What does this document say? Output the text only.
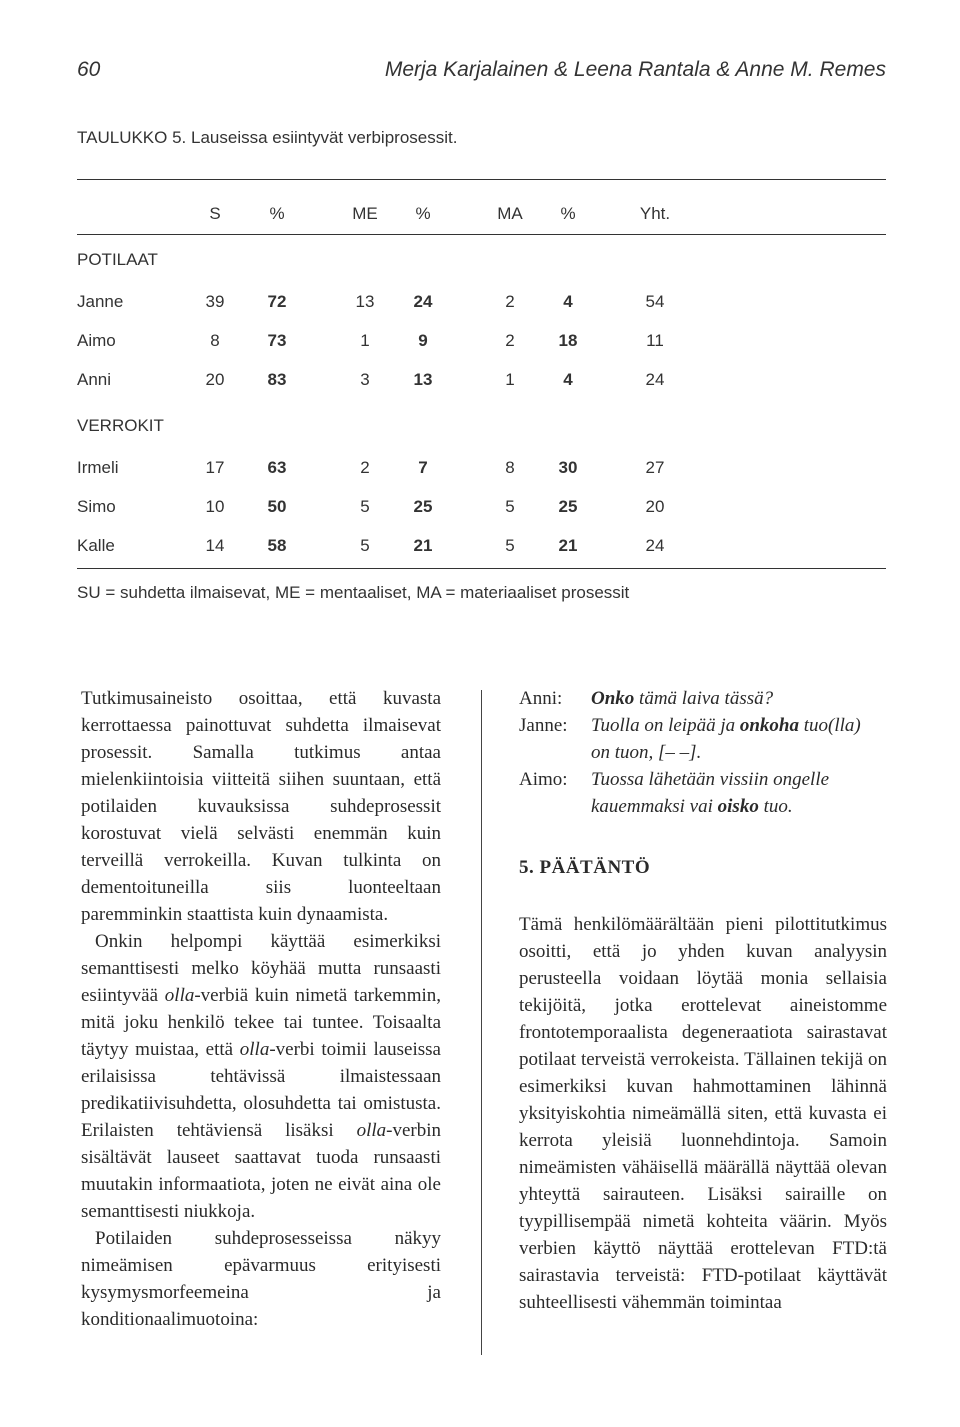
60	Merja Karjalainen & Leena Rantala & Anne M. Remes
TAULUKKO 5. Lauseissa esiintyvät verbiprosessit.
S	%	ME	%	MA	%	Yht.
POTILAAT
Janne	39	72	13	24	2	4	54
Aimo	8	73	1	9	2	18	11
Anni	20	83	3	13	1	4	24
VERROKIT
Irmeli	17	63	2	7	8	30	27
Simo	10	50	5	25	5	25	20
Kalle	14	58	5	21	5	21	24
SU = suhdetta ilmaisevat, ME = mentaaliset, MA = materiaaliset prosessit

Tutkimusaineisto osoittaa, että kuvasta kerrottaessa painottuvat suhdetta ilmaisevat prosessit. Samalla tutkimus antaa mielenkiintoisia viitteitä siihen suuntaan, että potilaiden kuvauksissa suhdeprosessit korostuvat vielä selvästi enemmän kuin terveillä verrokeilla. Kuvan tulkinta on dementoituneilla siis luonteeltaan paremminkin staattista kuin dynaamista.

Onkin helpompi käyttää esimerkiksi semanttisesti melko köyhää mutta runsaasti esiintyvää olla-verbiä kuin nimetä tarkemmin, mitä joku henkilö tekee tai tuntee. Toisaalta täytyy muistaa, että olla-verbi toimii lauseissa erilaisissa tehtävissä ilmaistessaan predikatiivisuhdetta, olosuhdetta tai omistusta. Erilaisten tehtäviensä lisäksi olla-verbin sisältävät lauseet saattavat tuoda runsaasti muutakin informaatiota, joten ne eivät aina ole semanttisesti niukkoja.

Potilaiden suhdeprosesseissa näkyy nimeämisen epävarmuus erityisesti kysymysmorfeemeina ja konditionaalimuotoina:

Anni:	Onko tämä laiva tässä?
Janne:	Tuolla on leipää ja onkoha tuo(lla)
on tuon, [– –].
Aimo:	Tuossa lähetään vissiin ongelle
kauemmaksi vai oisko tuo.
5. PÄÄTÄNTÖ

Tämä henkilömäärältään pieni pilottitutkimus osoitti, että jo yhden kuvan analyysin perusteella voidaan löytää monia sellaisia tekijöitä, jotka erottelevat aineistomme frontotemporaalista degeneraatiota sairastavat potilaat terveistä verrokeista. Tällainen tekijä on esimerkiksi kuvan hahmottaminen lähinnä yksityiskohtia nimeämällä siten, että kuvasta ei kerrota yleisiä luonnehdintoja. Samoin nimeämisten vähäisellä määrällä näyttää olevan yhteyttä sairauteen. Lisäksi sairaille on tyypillisempää nimetä kohteita väärin. Myös verbien käyttö näyttää erottelevan FTD:tä sairastavia terveistä: FTD-potilaat käyttävät suhteellisesti vähemmän toimintaa
